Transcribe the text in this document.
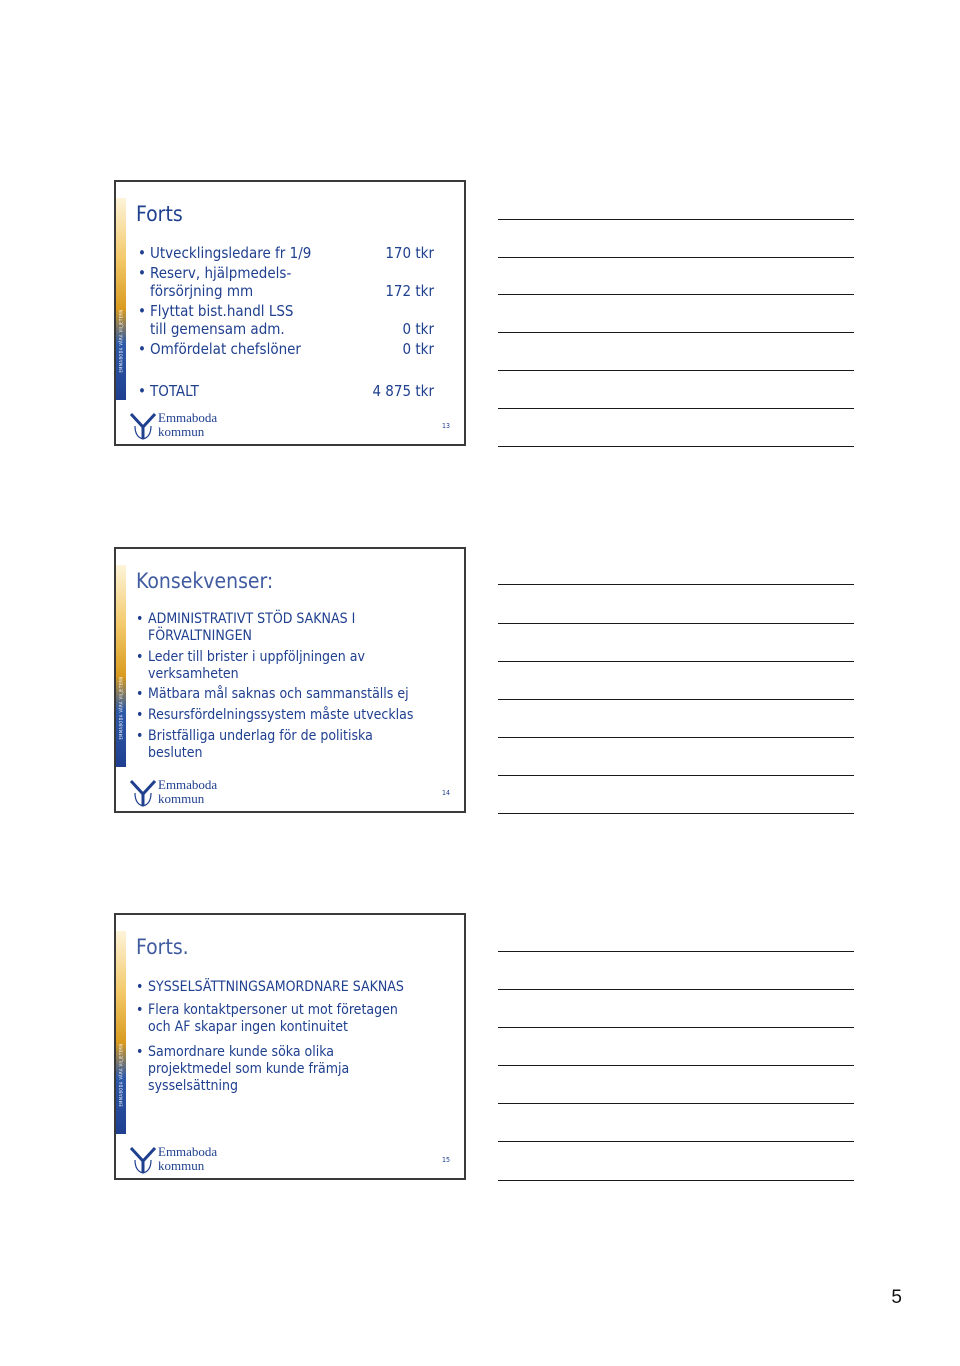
EMMABODA VÄRA VILJETERN
Forts
• Utvecklingsledare fr 1/9	170 tkr
• Reserv, hjälpmedels-
försörjning mm	172 tkr
• Flyttat bist.handl LSS
till gemensam adm.	0 tkr
• Omfördelat chefslöner	0 tkr
• TOTALT	4 875 tkr
Emmaboda
kommun	13
EMMABODA VÄRA VILJETERN
Konsekvenser:
• ADMINISTRATIVT STÖD SAKNAS I
FÖRVALTNINGEN
• Leder till brister i uppföljningen av
verksamheten
• Mätbara mål saknas och sammanställs ej
• Resursfördelningssystem måste utvecklas
• Bristfälliga underlag för de politiska
besluten
Emmaboda
kommun	14
EMMABODA VÄRA VILJETERN
Forts.
• SYSSELSÄTTNINGSAMORDNARE SAKNAS
• Flera kontaktpersoner ut mot företagen
och AF skapar ingen kontinuitet
• Samordnare kunde söka olika
projektmedel som kunde främja
sysselsättning
Emmaboda
kommun	15
5
